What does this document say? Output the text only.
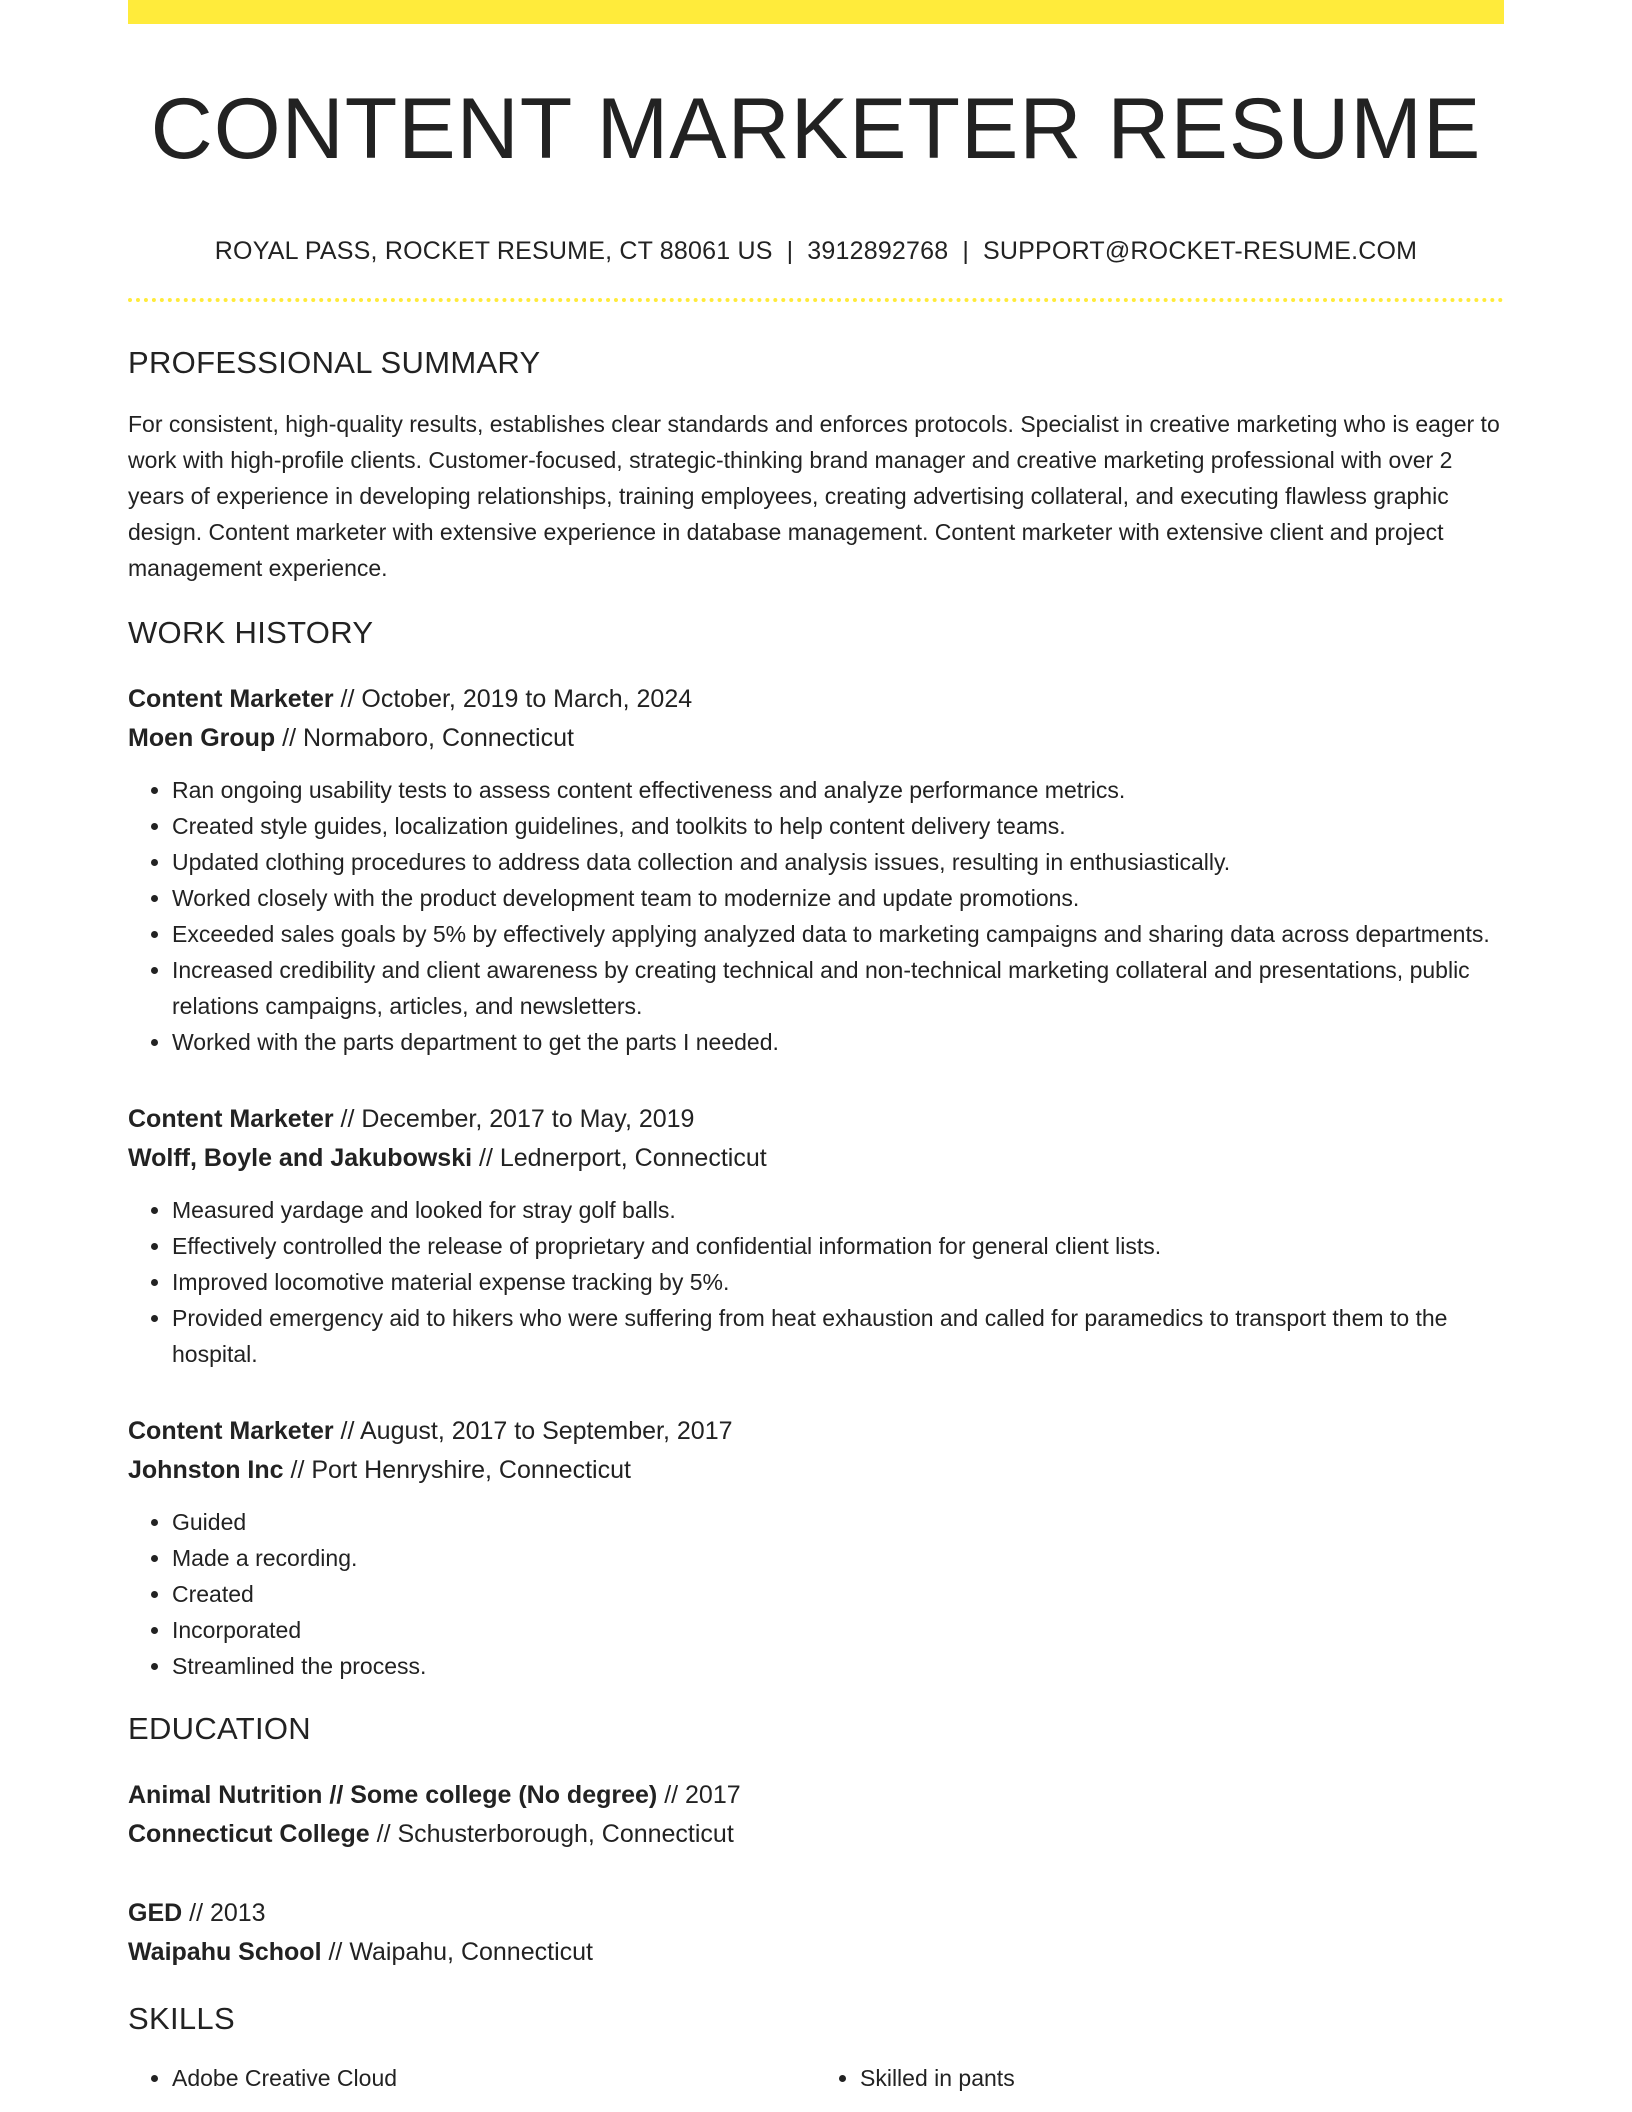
CONTENT MARKETER RESUME
ROYAL PASS, ROCKET RESUME, CT 88061 US | 3912892768 | SUPPORT@ROCKET-RESUME.COM
PROFESSIONAL SUMMARY

For consistent, high-quality results, establishes clear standards and enforces protocols. Specialist in creative marketing who is eager to work with high-profile clients. Customer-focused, strategic-thinking brand manager and creative marketing professional with over 2 years of experience in developing relationships, training employees, creating advertising collateral, and executing flawless graphic design. Content marketer with extensive experience in database management. Content marketer with extensive client and project management experience.

WORK HISTORY
Content Marketer // October, 2019 to March, 2024
Moen Group // Normaboro, Connecticut
• Ran ongoing usability tests to assess content effectiveness and analyze performance metrics.
• Created style guides, localization guidelines, and toolkits to help content delivery teams.
• Updated clothing procedures to address data collection and analysis issues, resulting in enthusiastically.
• Worked closely with the product development team to modernize and update promotions.
• Exceeded sales goals by 5% by effectively applying analyzed data to marketing campaigns and sharing data across departments.
• Increased credibility and client awareness by creating technical and non-technical marketing collateral and presentations, public relations campaigns, articles, and newsletters.
• Worked with the parts department to get the parts I needed.
Content Marketer // December, 2017 to May, 2019
Wolff, Boyle and Jakubowski // Lednerport, Connecticut
• Measured yardage and looked for stray golf balls.
• Effectively controlled the release of proprietary and confidential information for general client lists.
• Improved locomotive material expense tracking by 5%.
• Provided emergency aid to hikers who were suffering from heat exhaustion and called for paramedics to transport them to the hospital.
Content Marketer // August, 2017 to September, 2017
Johnston Inc // Port Henryshire, Connecticut
• Guided
• Made a recording.
• Created
• Incorporated
• Streamlined the process.
EDUCATION
Animal Nutrition // Some college (No degree) // 2017
Connecticut College // Schusterborough, Connecticut
GED // 2013
Waipahu School // Waipahu, Connecticut
SKILLS
• Adobe Creative Cloud
•	Skilled in pants
